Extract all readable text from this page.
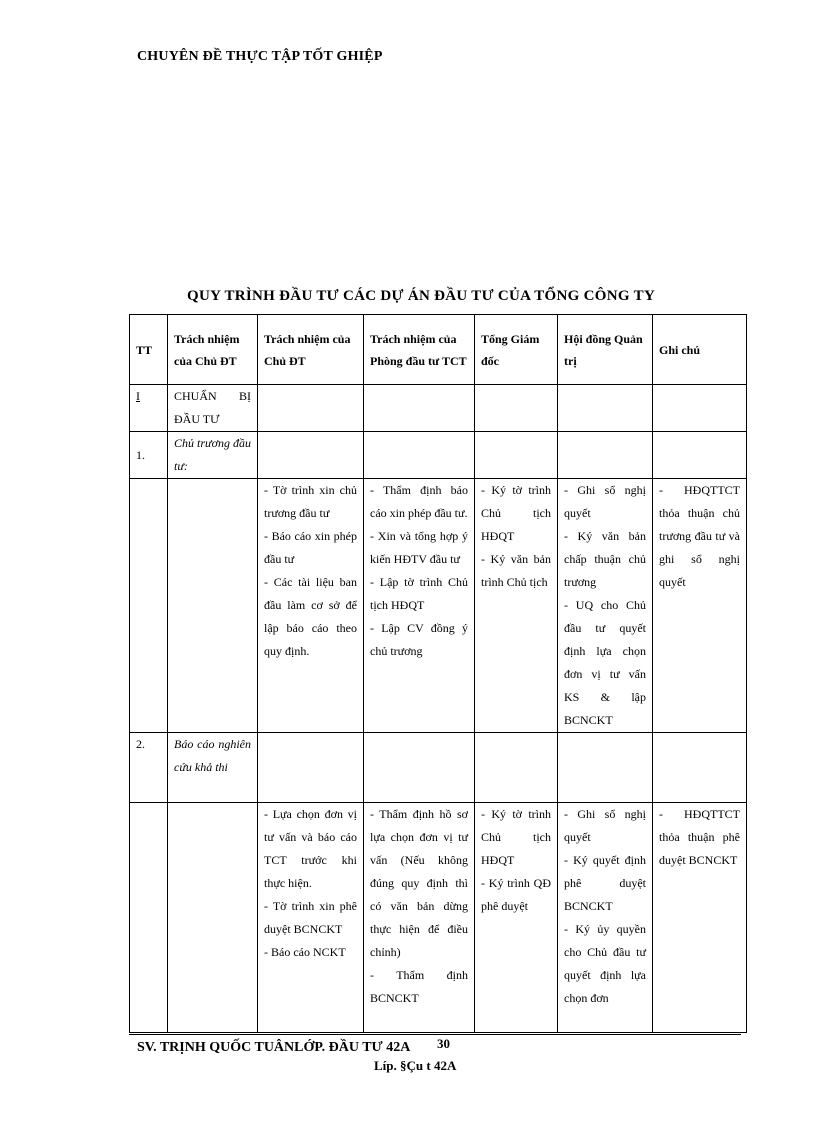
CHUYÊN ĐỀ THỰC TẬP TỐT GHIỆP
QUY TRÌNH ĐẦU TƯ CÁC DỰ ÁN ĐẦU TƯ CỦA TỔNG CÔNG TY
TT	Trách nhiệm của Chủ ĐT	Trách nhiệm của Chủ ĐT	Trách nhiệm của Phòng đầu tư TCT	Tổng Giám đốc	Hội đồng Quản trị	Ghi chú
I	CHUẨN BỊ ĐẦU TƯ					
1.	Chủ trương đầu tư:					

		- Tờ trình xin chủ trương đầu tư
- Báo cáo xin phép đầu tư
- Các tài liệu ban đầu làm cơ sở để lập báo cáo theo quy định.	- Thẩm định báo cáo xin phép đầu tư.
- Xin và tổng hợp ý kiến HĐTV đầu tư
- Lập tờ trình Chủ tịch HĐQT
- Lập CV đồng ý chủ trương	- Ký tờ trình Chủ tịch HĐQT
- Ký văn bản trình Chủ tịch	- Ghi sổ nghị quyết
- Ký văn bản chấp thuận chủ trương
- UQ cho Chủ đầu tư quyết định lựa chọn đơn vị tư vấn KS & lập BCNCKT	- HĐQTTCT thỏa thuận chủ trương đầu tư và ghi sổ nghị quyết

2.	Báo cáo nghiên cứu khả thi					

		- Lựa chọn đơn vị tư vấn và báo cáo TCT trước khi thực hiện.
- Tờ trình xin phê duyệt BCNCKT
- Báo cáo NCKT	- Thẩm định hồ sơ lựa chọn đơn vị tư vấn (Nếu không đúng quy định thì có văn bản dừng thực hiện để điều chỉnh)
- Thẩm định BCNCKT	- Ký tờ trình Chủ tịch HĐQT
- Ký trình QĐ phê duyệt	- Ghi sổ nghị quyết
- Ký quyết định phê duyệt BCNCKT
- Ký ủy quyền cho Chủ đầu tư quyết định lựa chọn đơn	- HĐQTTCT thỏa thuận phê duyệt BCNCKT
SV. TRỊNH QUỐC TUÂNLỚP. ĐẦU TƯ 42A 30
Líp. §Çu t 42A
